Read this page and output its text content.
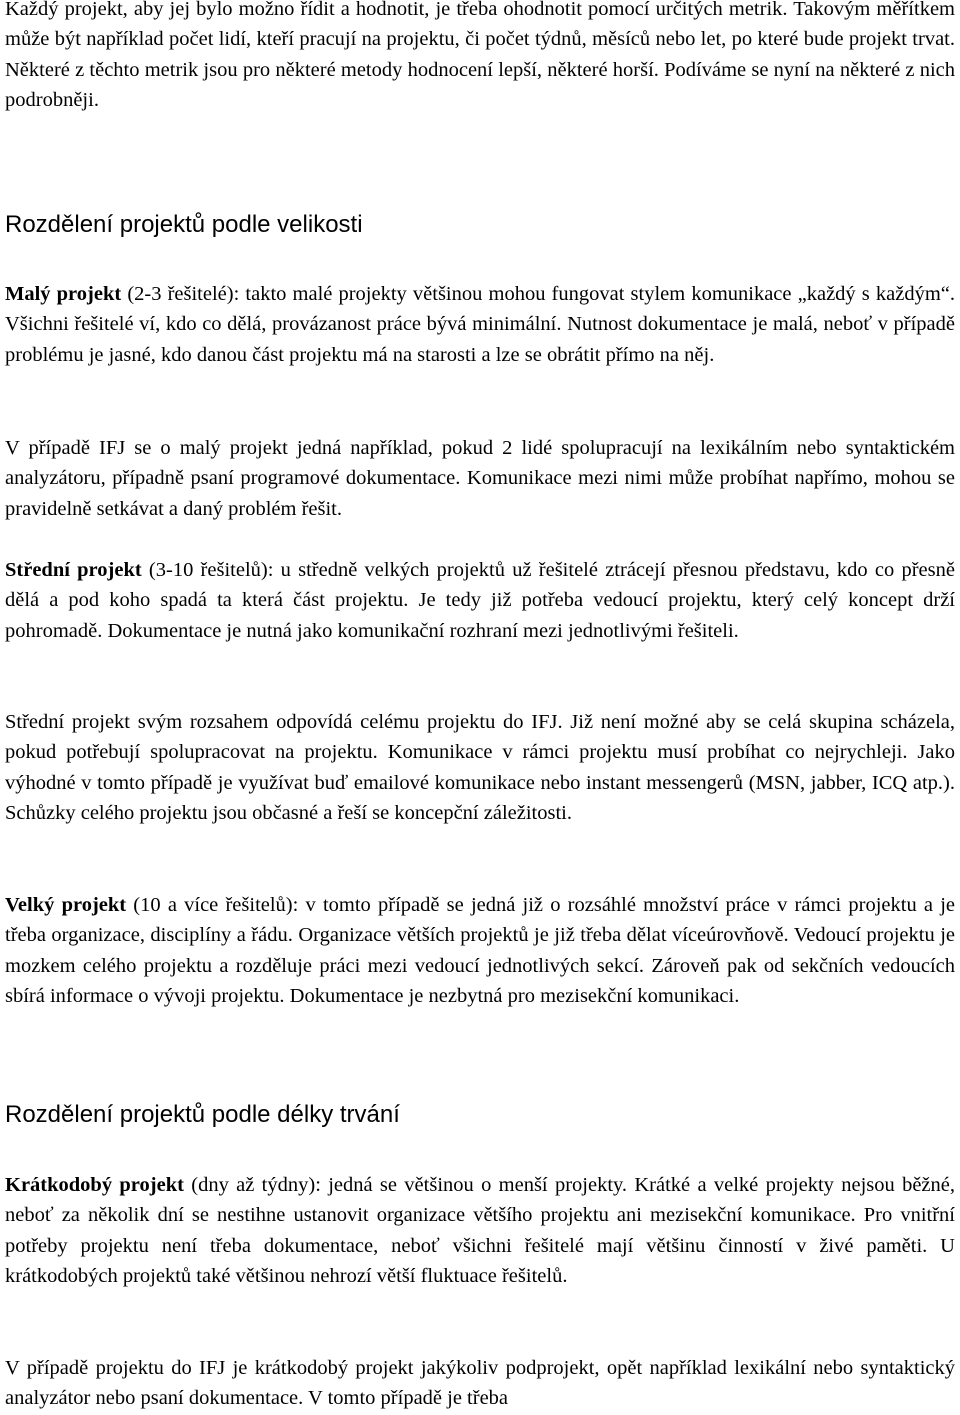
Každý projekt, aby jej bylo možno řídit a hodnotit, je třeba ohodnotit pomocí určitých metrik. Takovým měřítkem může být například počet lidí, kteří pracují na projektu, či počet týdnů, měsíců nebo let, po které bude projekt trvat. Některé z těchto metrik jsou pro některé metody hodnocení lepší, některé horší. Podíváme se nyní na některé z nich podrobněji.

Rozdělení projektů podle velikosti

Malý projekt (2-3 řešitelé): takto malé projekty většinou mohou fungovat stylem komunikace „každý s každým“. Všichni řešitelé ví, kdo co dělá, provázanost práce bývá minimální. Nutnost dokumentace je malá, neboť v případě problému je jasné, kdo danou část projektu má na starosti a lze se obrátit přímo na něj.

V případě IFJ se o malý projekt jedná například, pokud 2 lidé spolupracují na lexikálním nebo syntaktickém analyzátoru, případně psaní programové dokumentace. Komunikace mezi nimi může probíhat napřímo, mohou se pravidelně setkávat a daný problém řešit.

Střední projekt (3-10 řešitelů): u středně velkých projektů už řešitelé ztrácejí přesnou představu, kdo co přesně dělá a pod koho spadá ta která část projektu. Je tedy již potřeba vedoucí projektu, který celý koncept drží pohromadě. Dokumentace je nutná jako komunikační rozhraní mezi jednotlivými řešiteli.

Střední projekt svým rozsahem odpovídá celému projektu do IFJ. Již není možné aby se celá skupina scházela, pokud potřebují spolupracovat na projektu. Komunikace v rámci projektu musí probíhat co nejrychleji. Jako výhodné v tomto případě je využívat buď emailové komunikace nebo instant messengerů (MSN, jabber, ICQ atp.). Schůzky celého projektu jsou občasné a řeší se koncepční záležitosti.

Velký projekt (10 a více řešitelů): v tomto případě se jedná již o rozsáhlé množství práce v rámci projektu a je třeba organizace, disciplíny a řádu. Organizace větších projektů je již třeba dělat víceúrovňově. Vedoucí projektu je mozkem celého projektu a rozděluje práci mezi vedoucí jednotlivých sekcí. Zároveň pak od sekčních vedoucích sbírá informace o vývoji projektu. Dokumentace je nezbytná pro mezisekční komunikaci.

Rozdělení projektů podle délky trvání

Krátkodobý projekt (dny až týdny): jedná se většinou o menší projekty. Krátké a velké projekty nejsou běžné, neboť za několik dní se nestihne ustanovit organizace většího projektu ani mezisekční komunikace. Pro vnitřní potřeby projektu není třeba dokumentace, neboť všichni řešitelé mají většinu činností v živé paměti. U krátkodobých projektů také většinou nehrozí větší fluktuace řešitelů.

V případě projektu do IFJ je krátkodobý projekt jakýkoliv podprojekt, opět například lexikální nebo syntaktický analyzátor nebo psaní dokumentace. V tomto případě je třeba
